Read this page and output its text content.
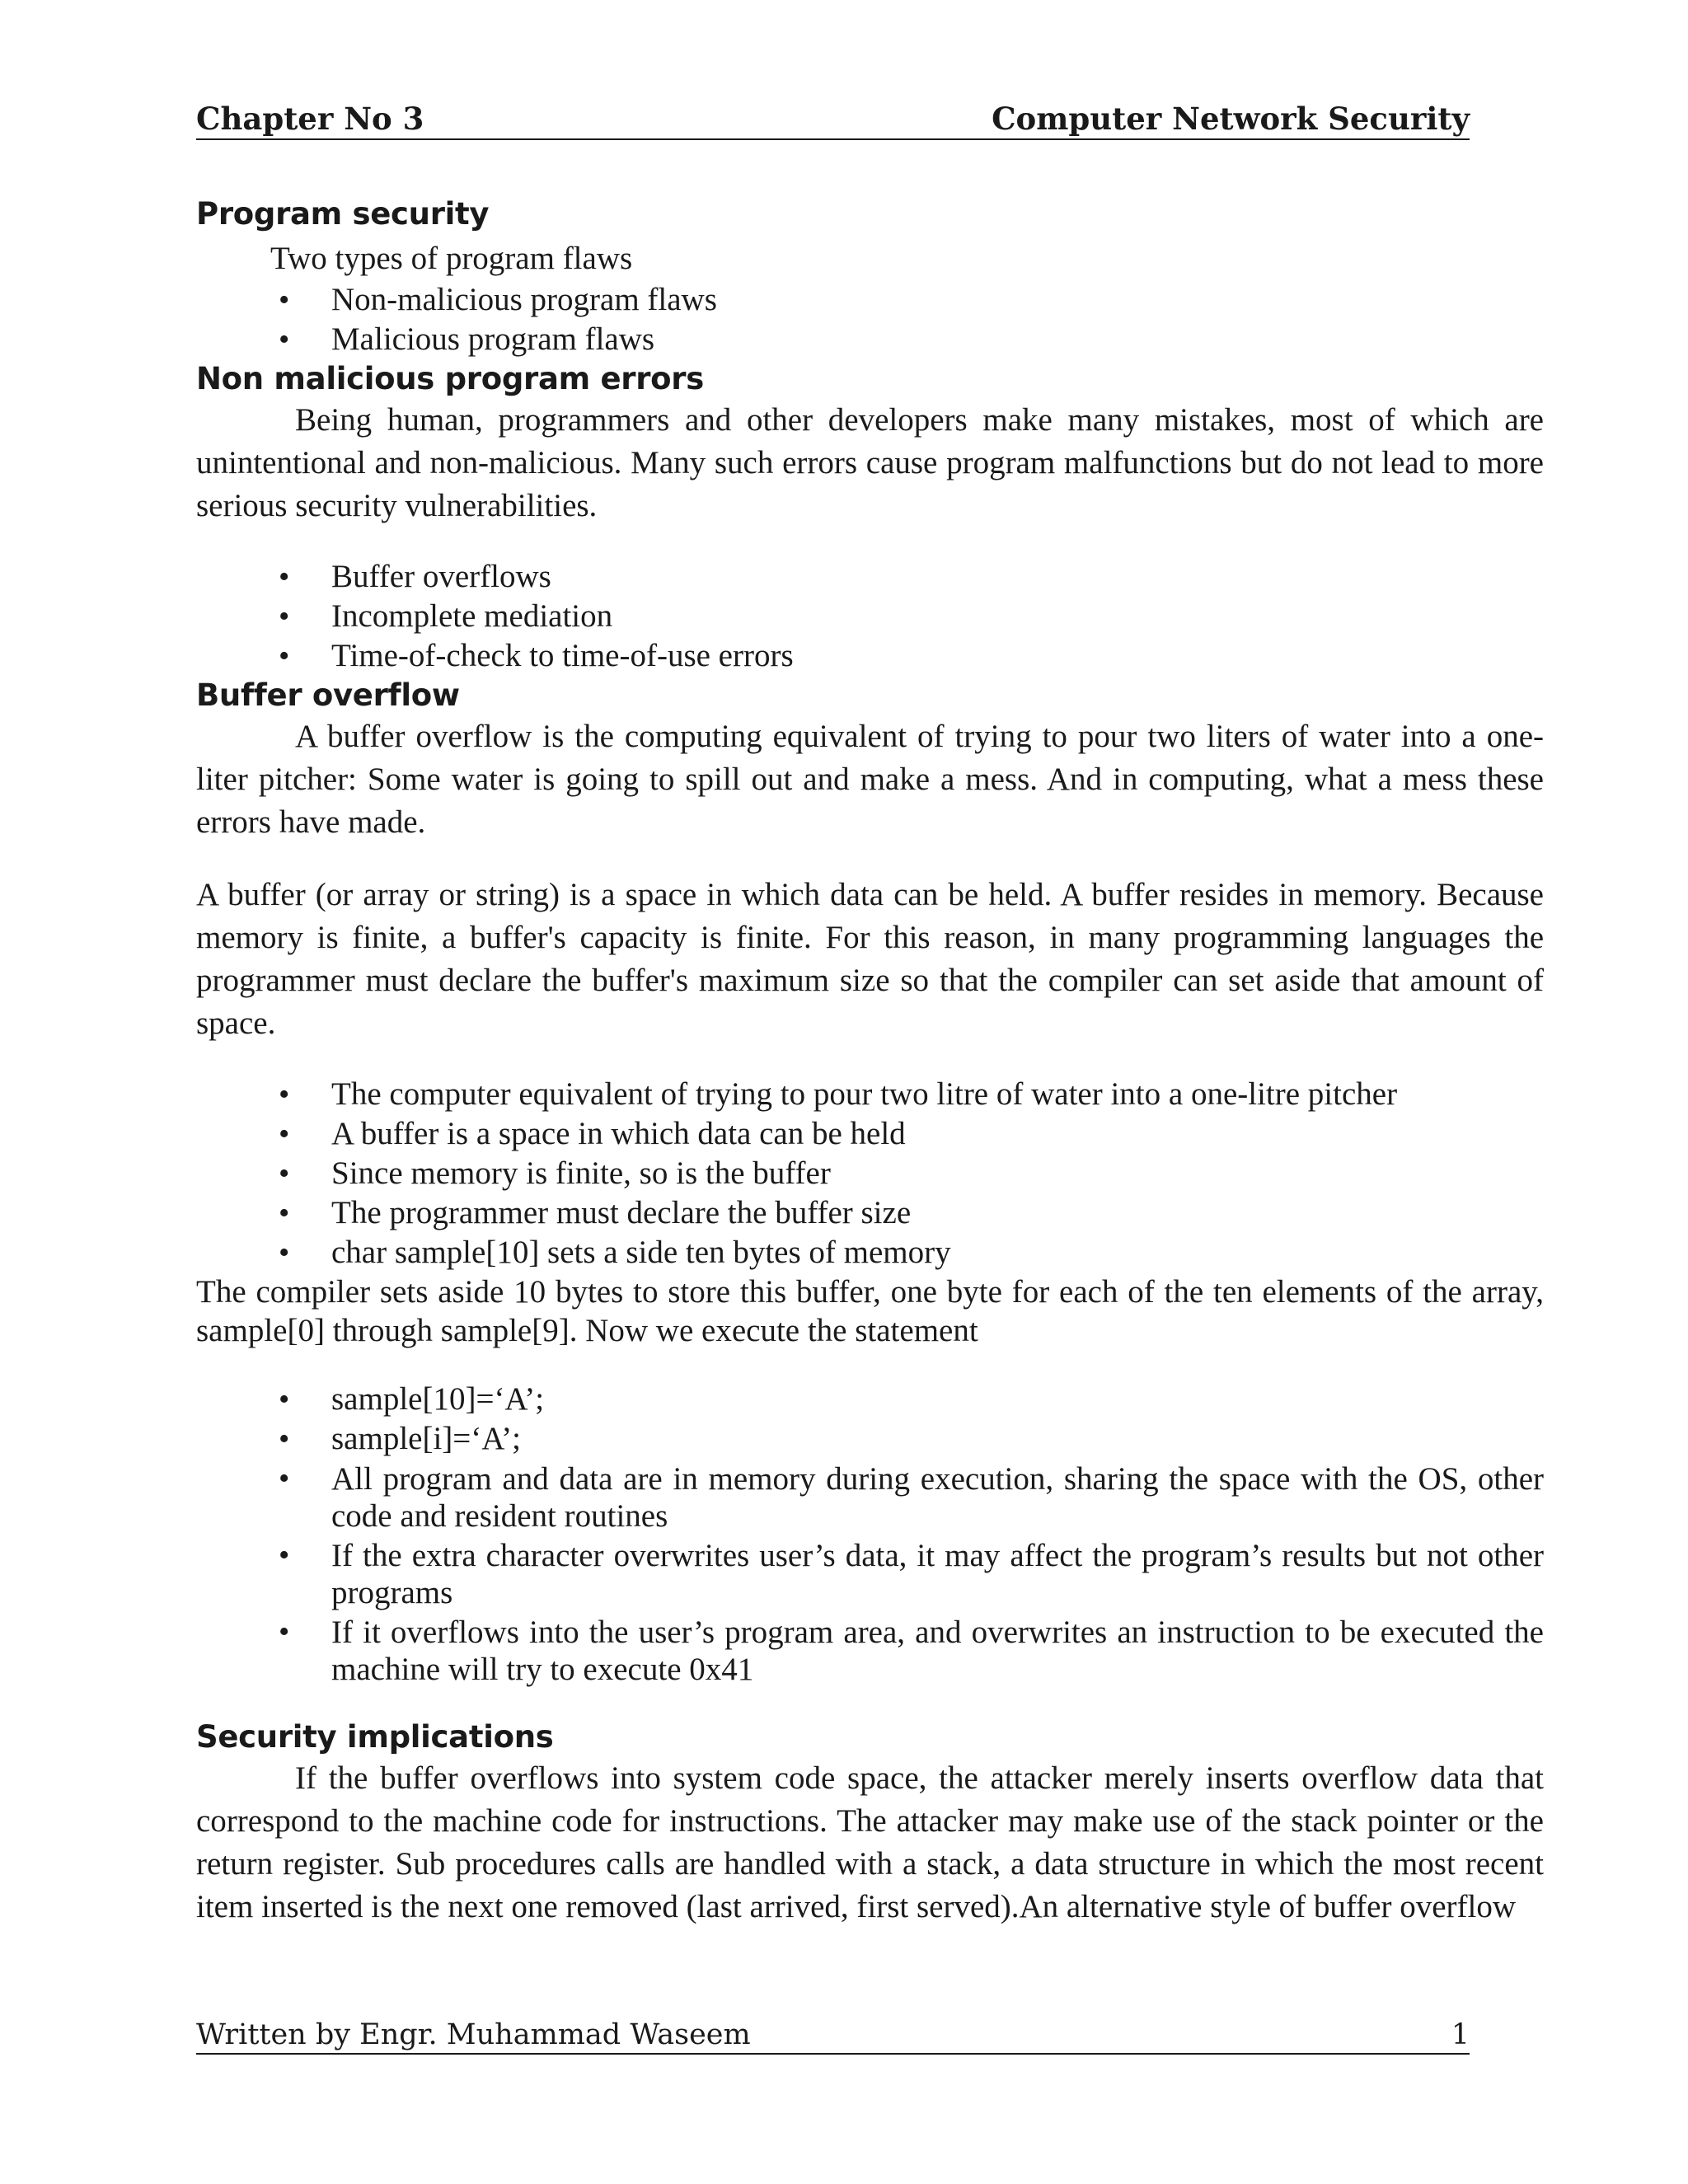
Chapter No 3	Computer Network Security
Program security
Two types of program flaws
• Non-malicious program flaws
• Malicious program flaws
Non malicious program errors

Being human, programmers and other developers make many mistakes, most of which are unintentional and non-malicious. Many such errors cause program malfunctions but do not lead to more serious security vulnerabilities.

• Buffer overflows
• Incomplete mediation
• Time-of-check to time-of-use errors
Buffer overflow

A buffer overflow is the computing equivalent of trying to pour two liters of water into a one-liter pitcher: Some water is going to spill out and make a mess. And in computing, what a mess these errors have made.

A buffer (or array or string) is a space in which data can be held. A buffer resides in memory. Because memory is finite, a buffer's capacity is finite. For this reason, in many programming languages the programmer must declare the buffer's maximum size so that the compiler can set aside that amount of space.

• The computer equivalent of trying to pour two litre of water into a one-litre pitcher
• A buffer is a space in which data can be held
• Since memory is finite, so is the buffer
• The programmer must declare the buffer size
• char sample[10] sets a side ten bytes of memory

The compiler sets aside 10 bytes to store this buffer, one byte for each of the ten elements of the array, sample[0] through sample[9]. Now we execute the statement

• sample[10]=‘A’;
• sample[i]=‘A’;
• All program and data are in memory during execution, sharing the space with the OS, other code and resident routines
• If the extra character overwrites user’s data, it may affect the program’s results but not other programs
• If it overflows into the user’s program area, and overwrites an instruction to be executed the machine will try to execute 0x41
Security implications

If the buffer overflows into system code space, the attacker merely inserts overflow data that correspond to the machine code for instructions. The attacker may make use of the stack pointer or the return register. Sub procedures calls are handled with a stack, a data structure in which the most recent item inserted is the next one removed (last arrived, first served).An alternative style of buffer overflow

Written by Engr. Muhammad Waseem	1
